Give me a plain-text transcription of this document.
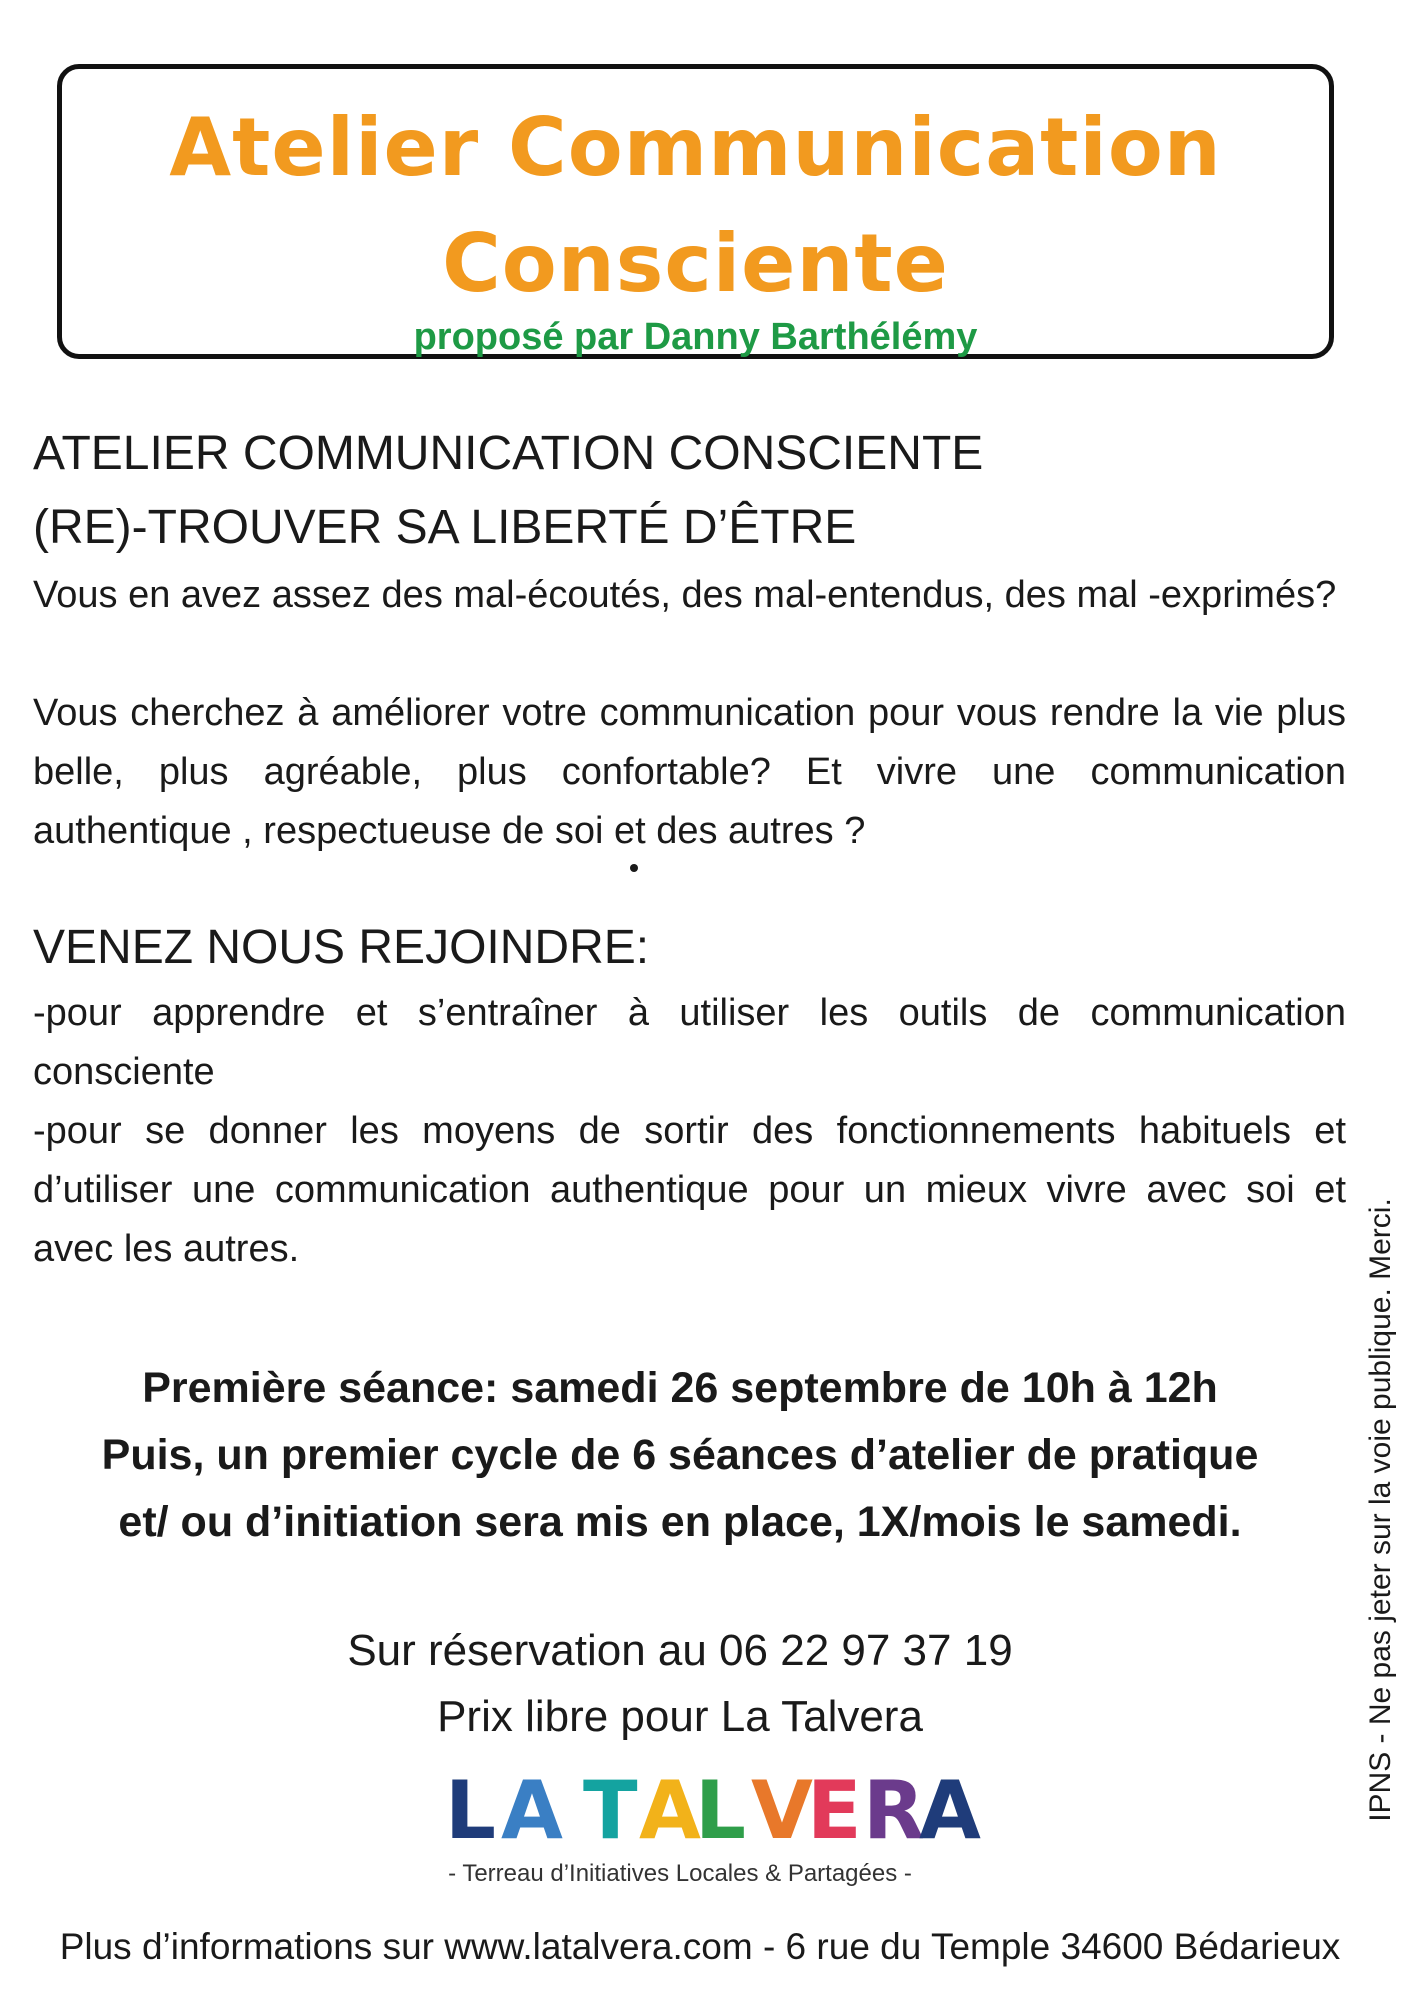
Atelier Communication
Consciente
proposé par Danny Barthélémy
ATELIER COMMUNICATION CONSCIENTE
(RE)-TROUVER SA LIBERTÉ D’ÊTRE

Vous en avez assez des mal-écoutés, des mal-entendus, des mal -exprimés?

Vous cherchez à améliorer votre communication pour vous rendre la vie plus belle, plus agréable, plus confortable? Et vivre une communication authentique , respectueuse de soi et des autres ?

VENEZ NOUS REJOINDRE:

-pour apprendre et s’entraîner à utiliser les outils de communication consciente

-pour se donner les moyens de sortir des fonctionnements habituels et d’utiliser une communication authentique pour un mieux vivre avec soi et avec les autres.

Première séance: samedi 26 septembre de 10h à 12h
Puis, un premier cycle de 6 séances d’atelier de pratique
et/ ou d’initiation sera mis en place, 1X/mois le samedi.
Sur réservation au 06 22 97 37 19
Prix libre pour La Talvera
L A T A
L V
E R
A
- Terreau d’Initiatives Locales & Partagées -
IPNS - Ne pas jeter sur la voie publique. Merci.
Plus d’informations sur www.latalvera.com - 6 rue du Temple 34600 Bédarieux
